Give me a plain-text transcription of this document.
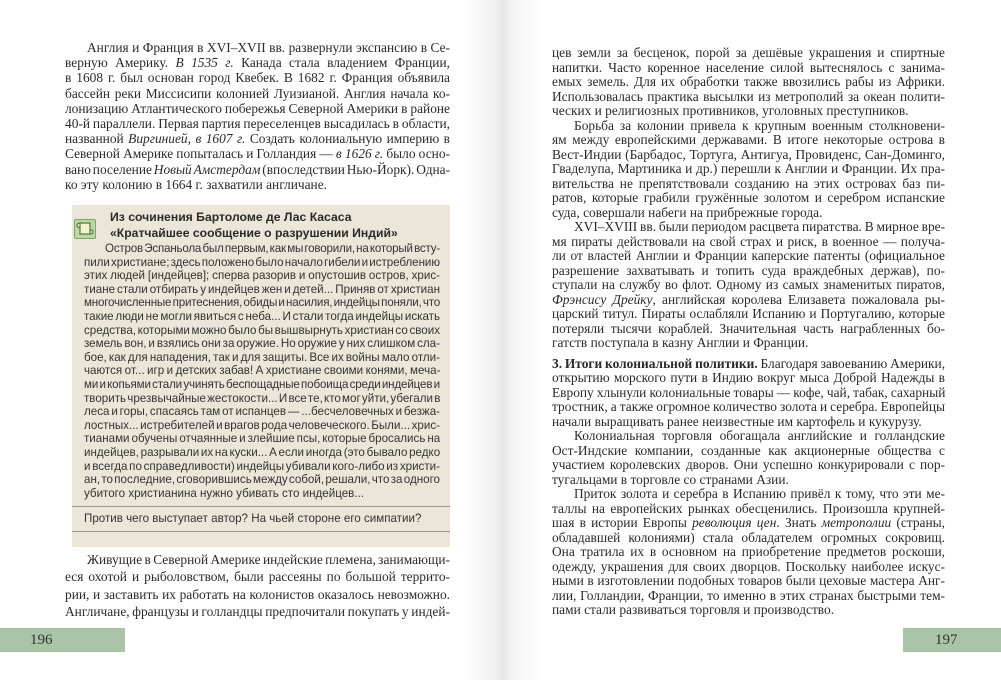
Англия и Франция в XVI–XVII вв. развернули экспансию в Се-
верную Америку. В 1535 г. Канада стала владением Франции,
в 1608 г. был основан город Квебек. В 1682 г. Франция объявила
бассейн реки Миссисипи колонией Луизианой. Англия начала ко-
лонизацию Атлантического побережья Северной Америки в районе
40-й параллели. Первая партия переселенцев высадилась в области,
названной Виргинией, в 1607 г. Создать колониальную империю в
Северной Америке попыталась и Голландия — в 1626 г. было осно-
вано поселение Новый Амстердам (впоследствии Нью-Йорк). Одна-
ко эту колонию в 1664 г. захватили англичане.
Из сочинения Бартоломе де Лас Касаса
«Кратчайшее сообщение о разрушении Индий»
Остров Эспаньола был первым, как мы говорили, на который всту-
пили христиане; здесь положено было начало гибели и истреблению
этих людей [индейцев]; сперва разорив и опустошив остров, хрис-
тиане стали отбирать у индейцев жен и детей... Приняв от христиан
многочисленные притеснения, обиды и насилия, индейцы поняли, что
такие люди не могли явиться с неба... И стали тогда индейцы искать
средства, которыми можно было бы вышвырнуть христиан со своих
земель вон, и взялись они за оружие. Но оружие у них слишком сла-
бое, как для нападения, так и для защиты. Все их войны мало отли-
чаются от... игр и детских забав! А христиане своими конями, меча-
ми и копьями стали учинять беспощадные побоища среди индейцев и
творить чрезвычайные жестокости... И все те, кто мог уйти, убегали в
леса и горы, спасаясь там от испанцев — ...бесчеловечных и безжа-
лостных... истребителей и врагов рода человеческого. Были... хрис-
тианами обучены отчаянные и злейшие псы, которые бросались на
индейцев, разрывали их на куски... А если иногда (это бывало редко
и всегда по справедливости) индейцы убивали кого-либо из христи-
ан, то последние, сговорившись между собой, решали, что за одного
убитого христианина нужно убивать сто индейцев...
Против чего выступает автор? На чьей стороне его симпатии?
Живущие в Северной Америке индейские племена, занимающи-
еся охотой и рыболовством, были рассеяны по большой террито-
рии, и заставить их работать на колонистов оказалось невозможно.
Англичане, французы и голландцы предпочитали покупать у индей-
196
цев земли за бесценок, порой за дешёвые украшения и спиртные
напитки. Часто коренное население силой вытеснялось с занима-
емых земель. Для их обработки также ввозились рабы из Африки.
Использовалась практика высылки из метрополий за океан полити-
ческих и религиозных противников, уголовных преступников.
Борьба за колонии привела к крупным военным столкновени-
ям между европейскими державами. В итоге некоторые острова в
Вест-Индии (Барбадос, Тортуга, Антигуа, Провиденс, Сан-Доминго,
Гваделупа, Мартиника и др.) перешли к Англии и Франции. Их пра-
вительства не препятствовали созданию на этих островах баз пи-
ратов, которые грабили гружённые золотом и серебром испанские
суда, совершали набеги на прибрежные города.
XVI–XVIII вв. были периодом расцвета пиратства. В мирное вре-
мя пираты действовали на свой страх и риск, в военное — получа-
ли от властей Англии и Франции каперские патенты (официальное
разрешение захватывать и топить суда враждебных держав), по-
ступали на службу во флот. Одному из самых знаменитых пиратов,
Фрэнсису Дрейку, английская королева Елизавета пожаловала ры-
царский титул. Пираты ослабляли Испанию и Португалию, которые
потеряли тысячи кораблей. Значительная часть награбленных бо-
гатств поступала в казну Англии и Франции.
3. Итоги колониальной политики. Благодаря завоеванию Америки,
открытию морского пути в Индию вокруг мыса Доброй Надежды в
Европу хлынули колониальные товары — кофе, чай, табак, сахарный
тростник, а также огромное количество золота и серебра. Европейцы
начали выращивать ранее неизвестные им картофель и кукурузу.
Колониальная торговля обогащала английские и голландские
Ост-Индские компании, созданные как акционерные общества с
участием королевских дворов. Они успешно конкурировали с пор-
тугальцами в торговле со странами Азии.
Приток золота и серебра в Испанию привёл к тому, что эти ме-
таллы на европейских рынках обесценились. Произошла крупней-
шая в истории Европы революция цен. Знать метрополии (страны,
обладавшей колониями) стала обладателем огромных сокровищ.
Она тратила их в основном на приобретение предметов роскоши,
одежду, украшения для своих дворцов. Поскольку наиболее искус-
ными в изготовлении подобных товаров были цеховые мастера Анг-
лии, Голландии, Франции, то именно в этих странах быстрыми тем-
пами стали развиваться торговля и производство.
197
